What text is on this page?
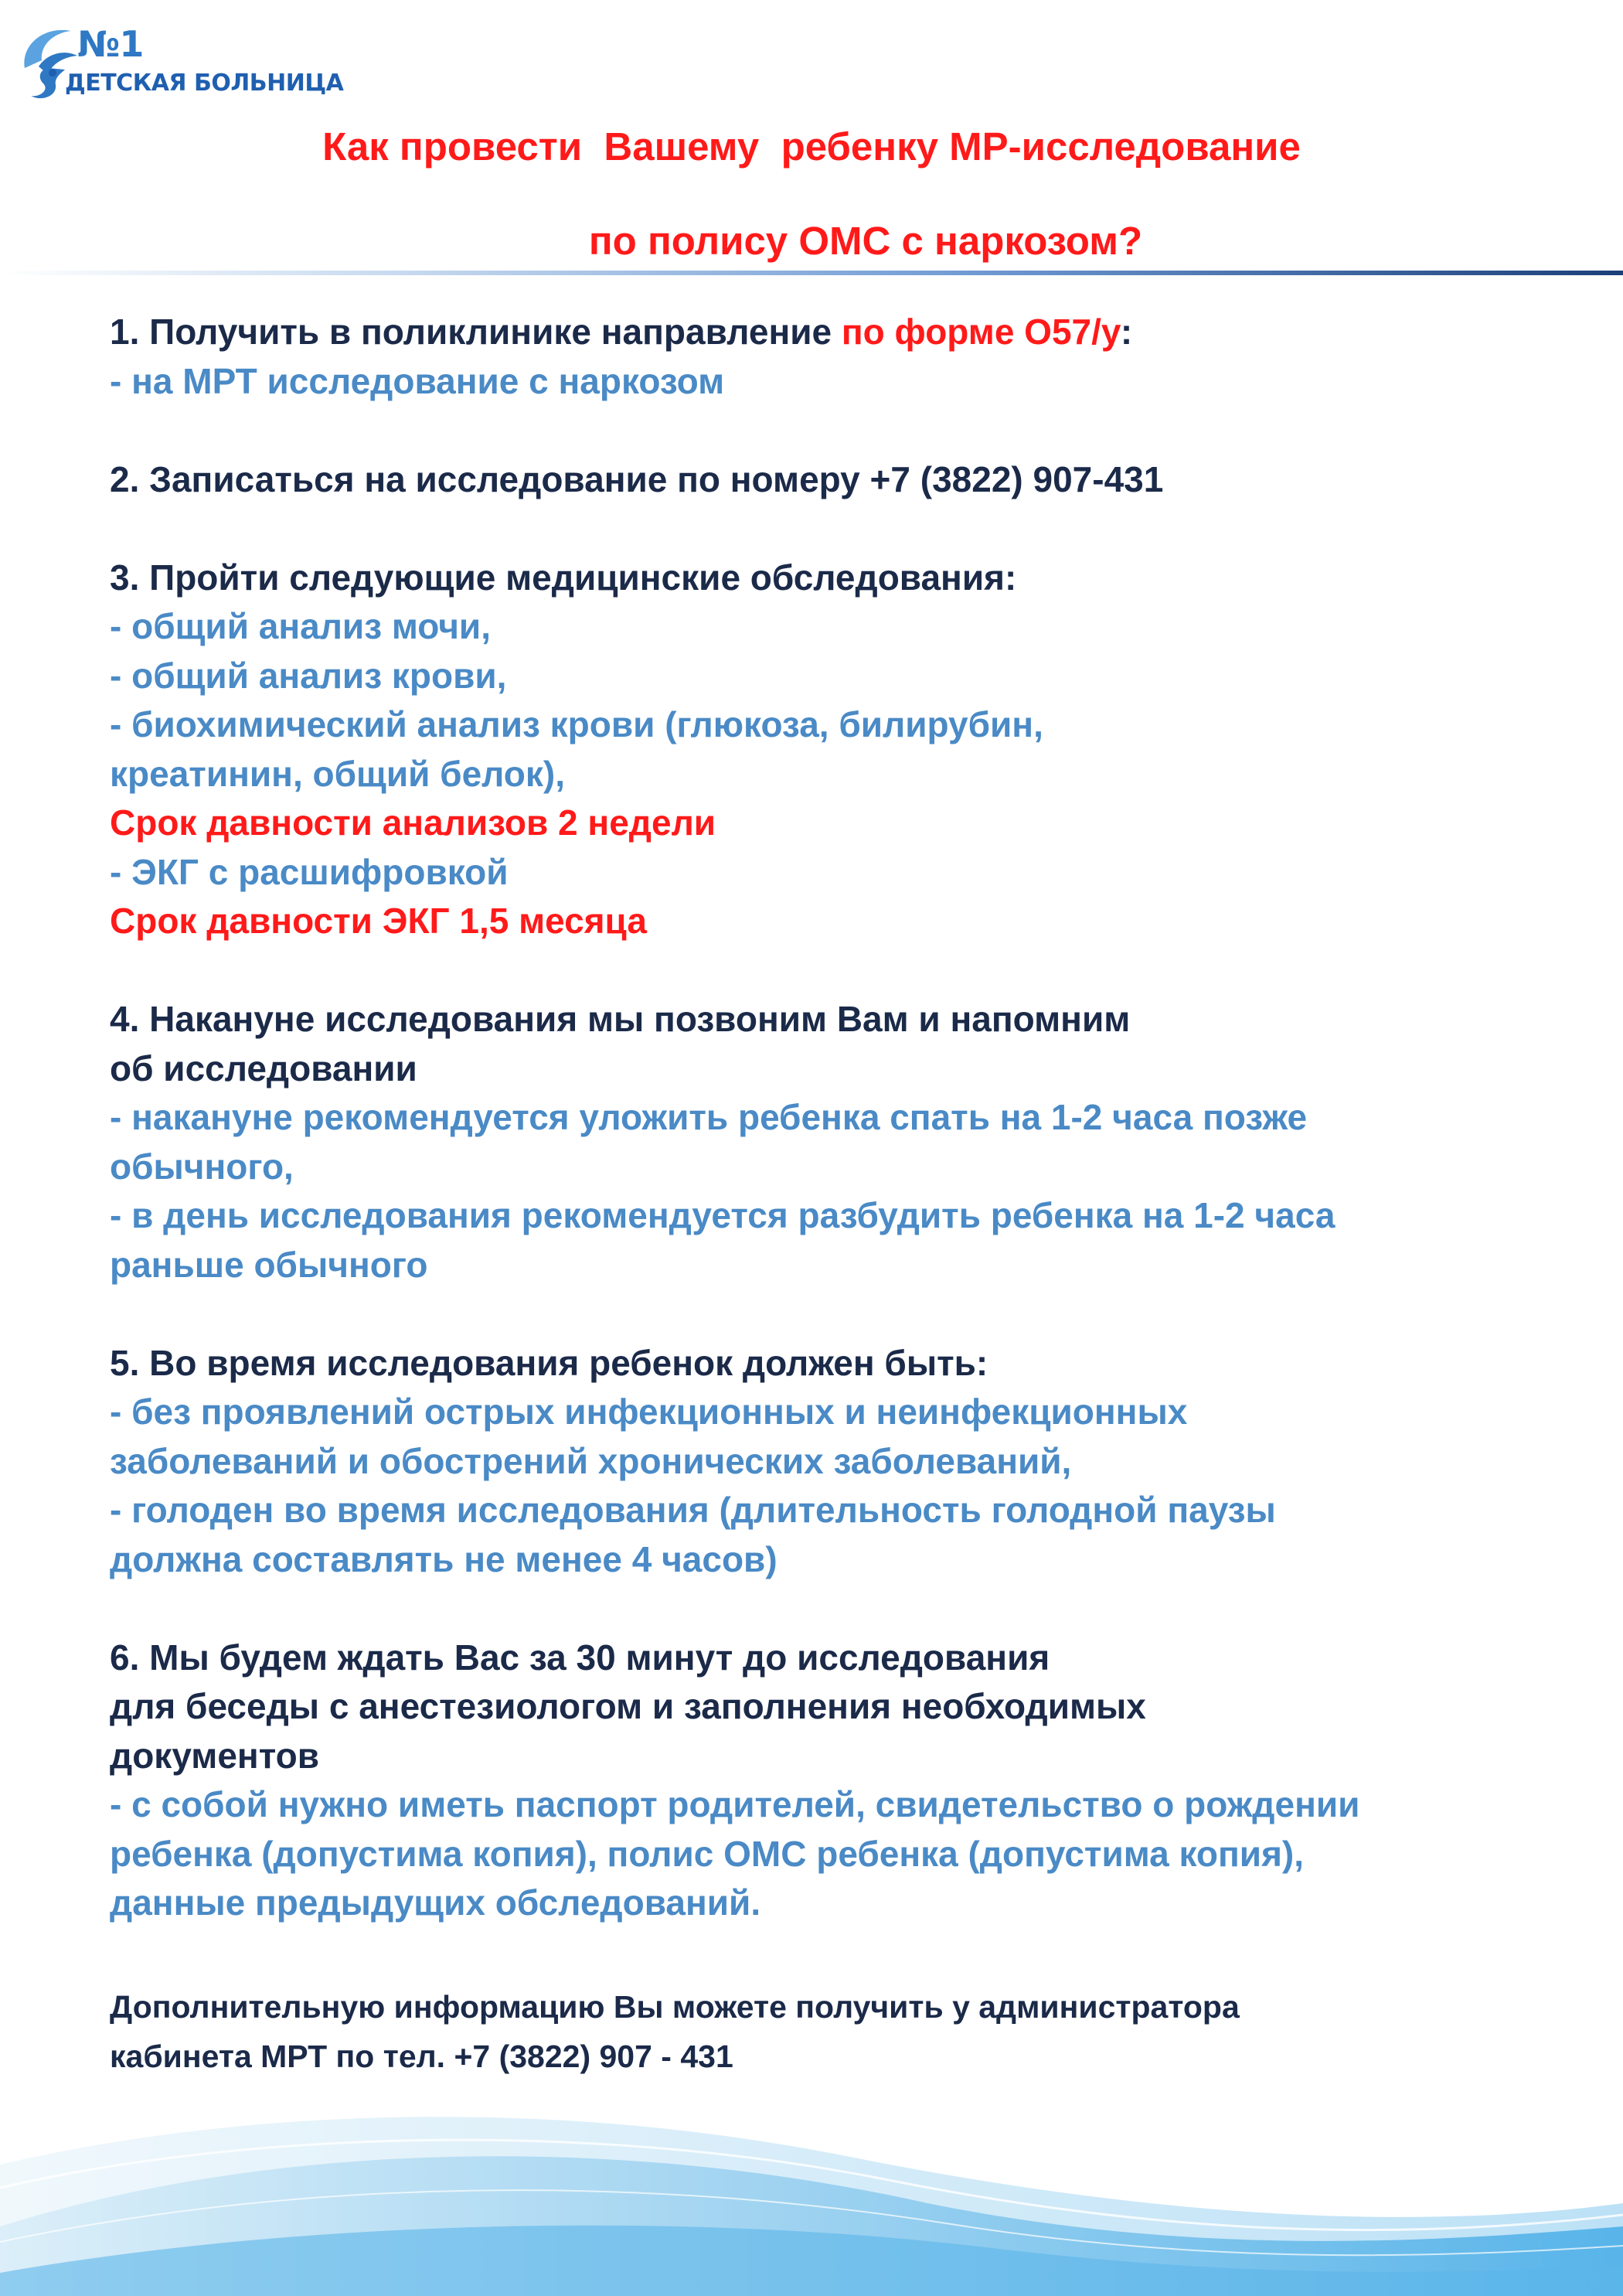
№1
ДЕТСКАЯ БОЛЬНИЦА
Как провести  Вашему  ребенку МР-исследование
по полису ОМС с наркозом?
1. Получить в поликлинике направление по форме О57/у:
- на МРТ исследование с наркозом
2. Записаться на исследование по номеру +7 (3822) 907-431
3. Пройти следующие медицинские обследования:
- общий анализ мочи,
- общий анализ крови,
- биохимический анализ крови (глюкоза, билирубин,
креатинин, общий белок),
Срок давности анализов 2 недели
- ЭКГ с расшифровкой
Срок давности ЭКГ 1,5 месяца
4. Накануне исследования мы позвоним Вам и напомним
об исследовании
- накануне рекомендуется уложить ребенка спать на 1-2 часа позже
обычного,
- в день исследования рекомендуется разбудить ребенка на 1-2 часа
раньше обычного
5. Во время исследования ребенок должен быть:
- без проявлений острых инфекционных и неинфекционных
заболеваний и обострений хронических заболеваний,
- голоден во время исследования (длительность голодной паузы
должна составлять не менее 4 часов)
6. Мы будем ждать Вас за 30 минут до исследования
для беседы с анестезиологом и заполнения необходимых
документов
- с собой нужно иметь паспорт родителей, свидетельство о рождении
ребенка (допустима копия), полис ОМС ребенка (допустима копия),
данные предыдущих обследований.
Дополнительную информацию Вы можете получить у администратора
кабинета МРТ по тел. +7 (3822) 907 - 431
